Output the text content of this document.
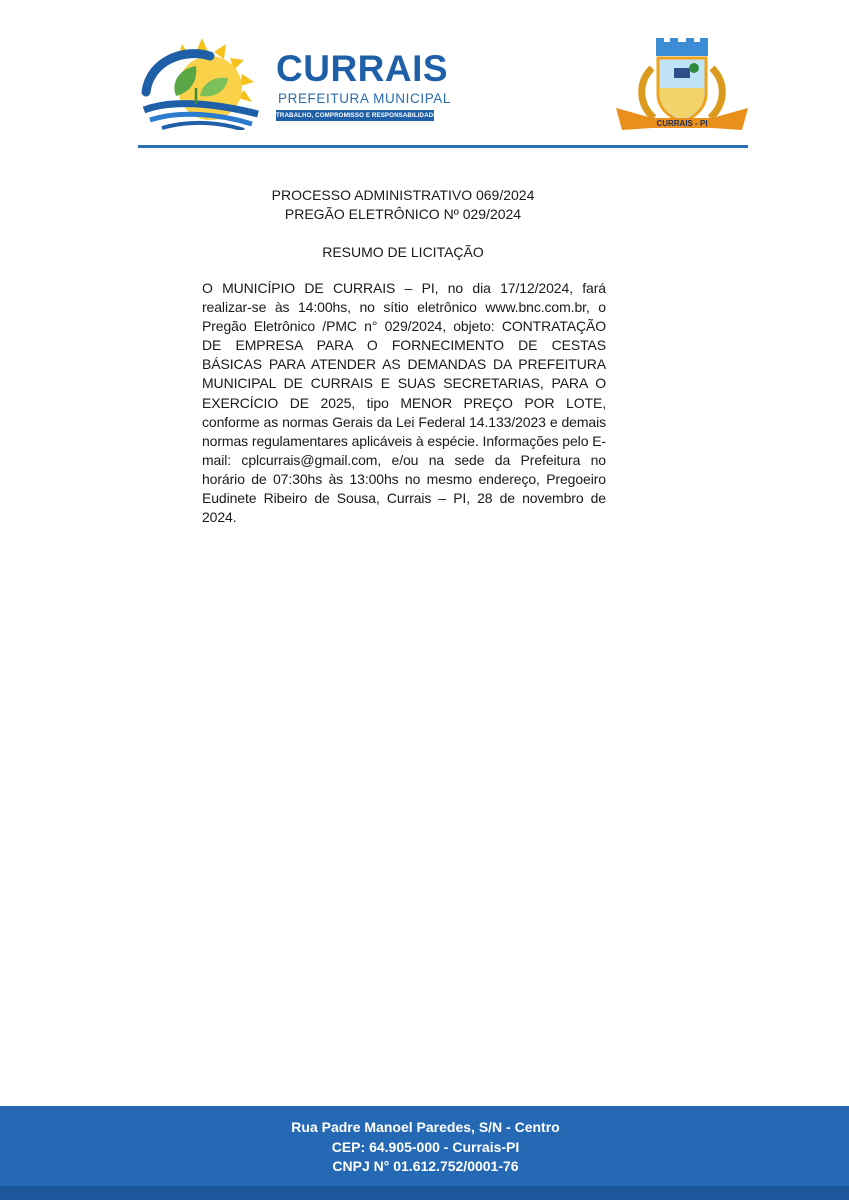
CURRAIS
PREFEITURA MUNICIPAL
TRABALHO, COMPROMISSO E RESPONSABILIDADE
CURRAIS - PI
PROCESSO ADMINISTRATIVO 069/2024
PREGÃO ELETRÔNICO Nº 029/2024
RESUMO DE LICITAÇÃO
O MUNICÍPIO DE CURRAIS – PI, no dia 17/12/2024, fará realizar-se às 14:00hs, no sítio eletrônico www.bnc.com.br, o Pregão Eletrônico /PMC n° 029/2024, objeto: CONTRATAÇÃO DE EMPRESA PARA O FORNECIMENTO DE CESTAS BÁSICAS PARA ATENDER AS DEMANDAS DA PREFEITURA MUNICIPAL DE CURRAIS E SUAS SECRETARIAS, PARA O EXERCÍCIO DE 2025, tipo MENOR PREÇO POR LOTE, conforme as normas Gerais da Lei Federal 14.133/2023 e demais normas regulamentares aplicáveis à espécie. Informações pelo E-mail: cplcurrais@gmail.com, e/ou na sede da Prefeitura no horário de 07:30hs às 13:00hs no mesmo endereço, Pregoeiro Eudinete Ribeiro de Sousa, Currais – PI, 28 de novembro de 2024.
Rua Padre Manoel Paredes, S/N - Centro
CEP: 64.905-000 - Currais-PI
CNPJ N° 01.612.752/0001-76
